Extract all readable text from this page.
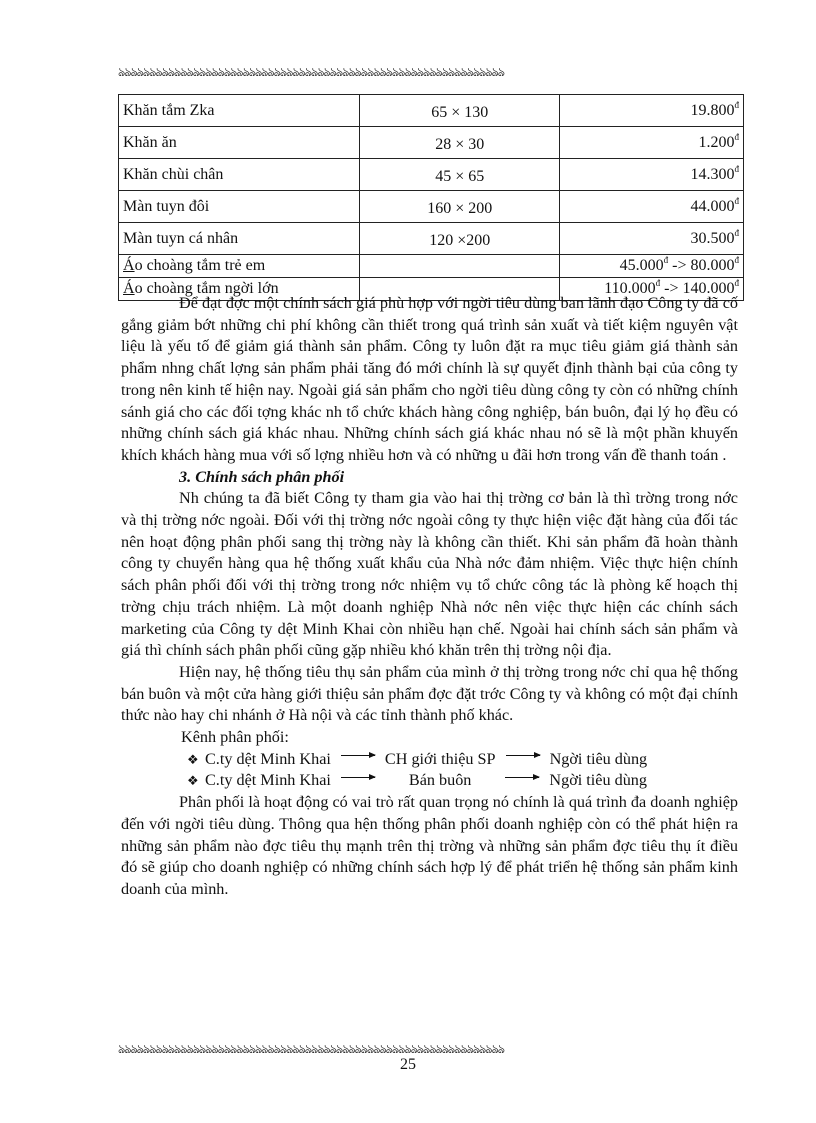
ঌঌঌঌঌঌঌঌঌঌঌঌঌঌঌঌঌঌঌঌঌঌঌঌঌঌঌঌঌঌঌঌঌঌঌঌঌঌঌঌঌঌঌঌঌঌঌঌঌঌঌঌঌঌঌঌঌঌঌঌঌঌ
Khăn tắm Zka	65 × 130	$19.800^đ$
Khăn ăn	28 × 30	$1.200^đ$
Khăn chùi chân	45 × 65	$14.300^đ$
Màn tuyn đôi	160 × 200	$44.000^đ$
Màn tuyn cá nhân	120 ×200	$30.500^đ$
Áo choàng tắm trẻ em		$45.000^đ -> 80.000^đ$
Áo choàng tắm ngời lớn		$110.000^đ -> 140.000^đ$

Để đạt đợc một chính sách giá phù hợp với ngời tiêu dùng ban lãnh đạo Công ty đã cố gắng giảm bớt những chi phí không cần thiết trong quá trình sản xuất và tiết kiệm nguyên vật liệu là yếu tố để giảm giá thành sản phẩm. Công ty luôn đặt ra mục tiêu giảm giá thành sản phẩm nhng chất lợng sản phẩm phải tăng đó mới chính là sự quyết định thành bại của công ty trong nên kinh tế hiện nay. Ngoài giá sản phẩm cho ngời tiêu dùng công ty còn có những chính sánh giá cho các đối tợng khác nh tổ chức khách hàng công nghiệp, bán buôn, đại lý họ đều có những chính sách giá khác nhau. Những chính sách giá khác nhau nó sẽ là một phần khuyến khích khách hàng mua với số lợng nhiều hơn và có những u đãi hơn trong vấn đề thanh toán .

3. Chính sách phân phối

Nh chúng ta đã biết Công ty tham gia vào hai thị trờng cơ bản là thì trờng trong nớc và thị trờng nớc ngoài. Đối với thị trờng nớc ngoài công ty thực hiện việc đặt hàng của đối tác nên hoạt động phân phối sang thị trờng này là không cần thiết. Khi sản phẩm đã hoàn thành công ty chuyển hàng qua hệ thống xuất khẩu của Nhà nớc đảm nhiệm. Việc thực hiện chính sách phân phối đối với thị trờng trong nớc nhiệm vụ tổ chức công tác là phòng kế hoạch thị trờng chịu trách nhiệm. Là một doanh nghiệp Nhà nớc nên việc thực hiện các chính sách marketing của Công ty dệt Minh Khai còn nhiều hạn chế. Ngoài hai chính sách sản phẩm và giá thì chính sách phân phối cũng gặp nhiều khó khăn trên thị trờng nội địa.

Hiện nay, hệ thống tiêu thụ sản phẩm của mình ở thị trờng trong nớc chỉ qua hệ thống bán buôn và một cửa hàng giới thiệu sản phẩm đợc đặt trớc Công ty và không có một đại chính thức nào hay chi nhánh ở Hà nội và các tỉnh thành phố khác.

Kênh phân phối:

❖ C.ty dệt Minh Khai	CH giới thiệu SP	Ngời tiêu dùng
❖ C.ty dệt Minh Khai	Bán buôn	Ngời tiêu dùng

Phân phối là hoạt động có vai trò rất quan trọng nó chính là quá trình đa doanh nghiệp đến với ngời tiêu dùng. Thông qua hện thống phân phối doanh nghiệp còn có thể phát hiện ra những sản phẩm nào đợc tiêu thụ mạnh trên thị trờng và những sản phẩm đợc tiêu thụ ít điều đó sẽ giúp cho doanh nghiệp có những chính sách hợp lý để phát triển hệ thống sản phẩm kinh doanh của mình.

ঌঌঌঌঌঌঌঌঌঌঌঌঌঌঌঌঌঌঌঌঌঌঌঌঌঌঌঌঌঌঌঌঌঌঌঌঌঌঌঌঌঌঌঌঌঌঌঌঌঌঌঌঌঌঌঌঌঌঌঌঌঌ
25
